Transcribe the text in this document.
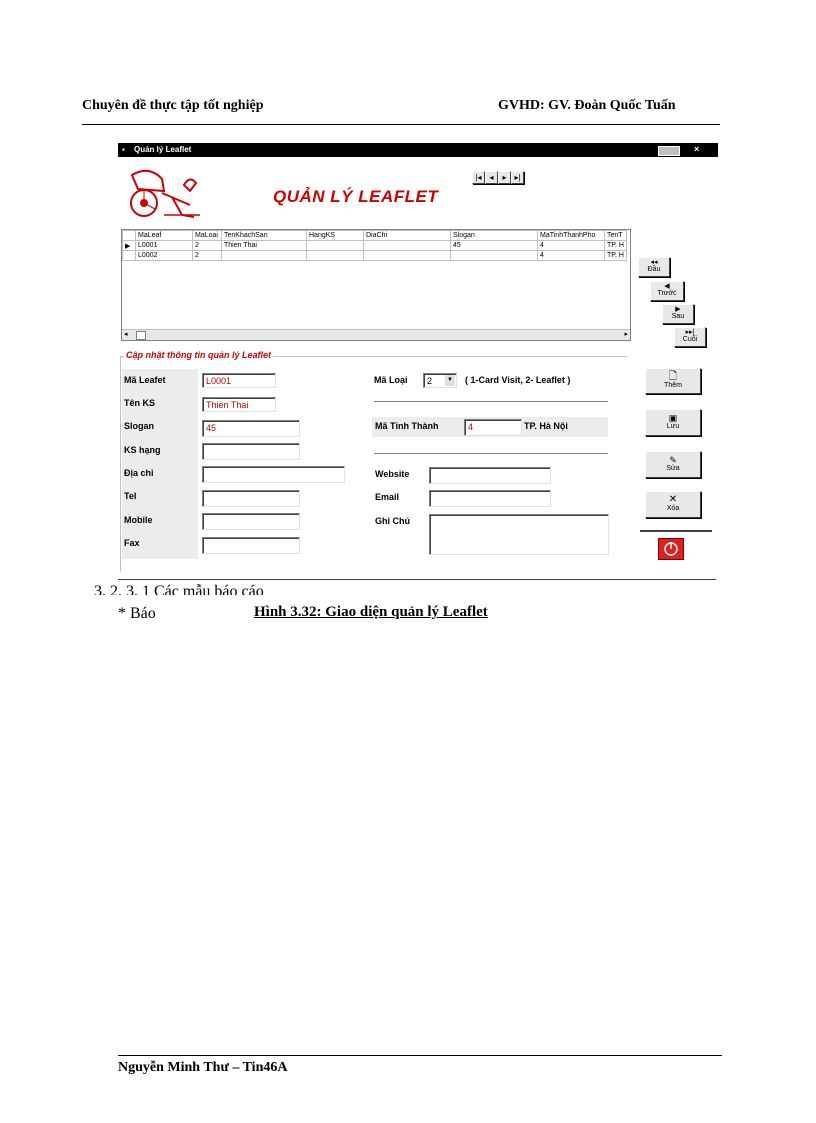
Chuyên đề thực tập tốt nghiệp	GVHD: GV. Đoàn Quốc Tuấn
▪ Quản lý Leaflet	×
QUẢN LÝ LEAFLET
|◂ ◂	▸ ▸|
	MaLeaf	MaLoai	TenKhachSan	HangKS	DiaChi	Slogan	MaTinhThanhPho	TenT
▶	L0001	2	Thien Thai			45	4	TP. H
	L0002	2					4	TP. H
◂	▸
◂◂
Đầu
◀
Trước
▶
Sau
▸▸|
Cuối
Cập nhật thông tin quản lý Leaflet
Mã Leafet	L0001
Tên KS	Thien Thai
Slogan	45
KS hạng
Địa chỉ
Tel
Mobile
Fax
Mã Loại	2	▼ ( 1-Card Visit, 2- Leaflet )
Mã Tỉnh Thành	4	TP. Hà Nội
Website
Email
Ghi Chú
🗋
Thêm
▣
Lưu
✎
Sửa
✕
Xóa
3. 2. 3. 1 Các mẫu báo cáo
* Báo	Hình 3.32: Giao diện quản lý Leaflet
Nguyễn Minh Thư – Tin46A
